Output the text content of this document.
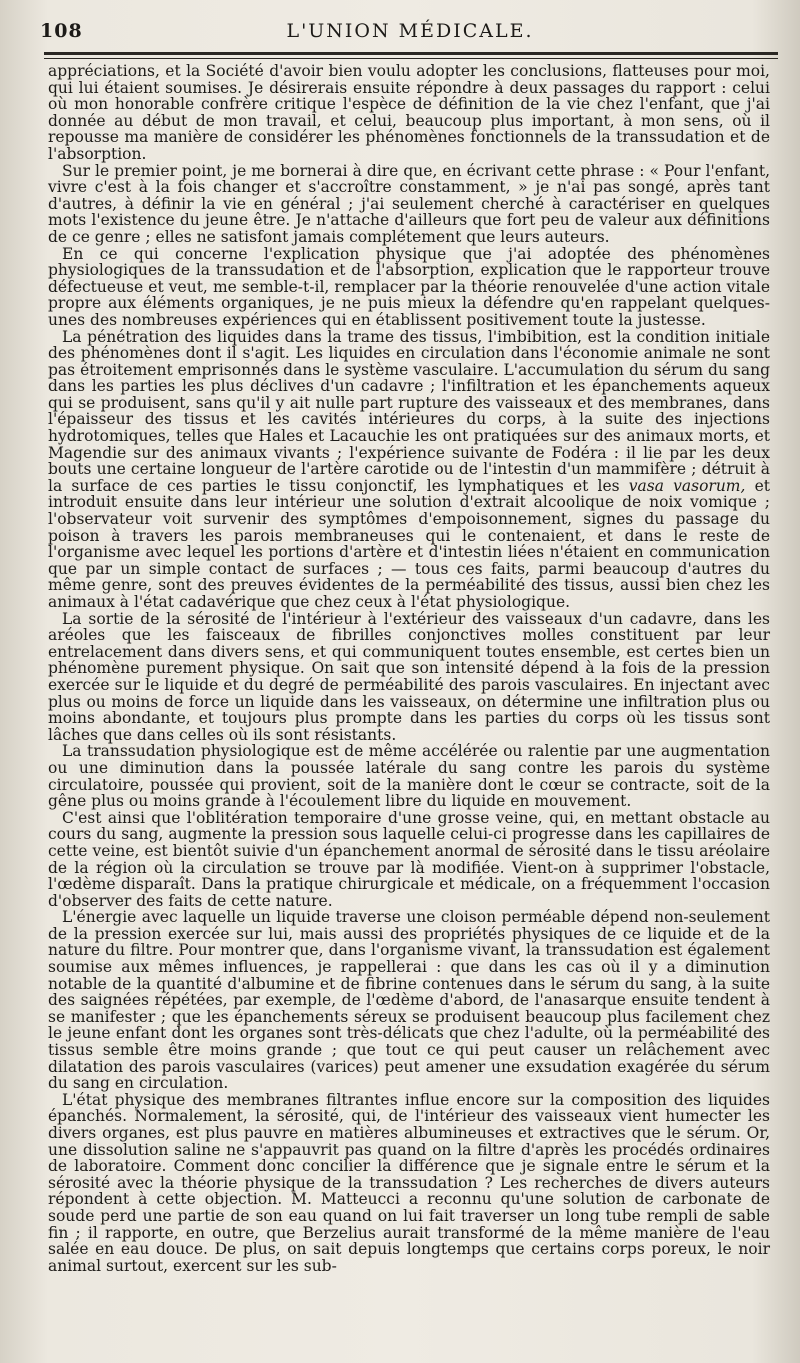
108	L'UNION MÉDICALE.

appréciations, et la Société d'avoir bien voulu adopter les conclusions, flatteuses pour moi, qui lui étaient soumises. Je désirerais ensuite répondre à deux passages du rapport : celui où mon honorable confrère critique l'espèce de définition de la vie chez l'enfant, que j'ai donnée au début de mon travail, et celui, beaucoup plus important, à mon sens, où il repousse ma manière de considérer les phénomènes fonctionnels de la transsudation et de l'absorption.

Sur le premier point, je me bornerai à dire que, en écrivant cette phrase : « Pour l'enfant, vivre c'est à la fois changer et s'accroître constamment, » je n'ai pas songé, après tant d'autres, à définir la vie en général ; j'ai seulement cherché à caractériser en quelques mots l'existence du jeune être. Je n'attache d'ailleurs que fort peu de valeur aux définitions de ce genre ; elles ne satisfont jamais complétement que leurs auteurs.

En ce qui concerne l'explication physique que j'ai adoptée des phénomènes physiologiques de la transsudation et de l'absorption, explication que le rapporteur trouve défectueuse et veut, me semble-t-il, remplacer par la théorie renouvelée d'une action vitale propre aux éléments organiques, je ne puis mieux la défendre qu'en rappelant quelques-unes des nombreuses expériences qui en établissent positivement toute la justesse.

La pénétration des liquides dans la trame des tissus, l'imbibition, est la condition initiale des phénomènes dont il s'agit. Les liquides en circulation dans l'économie animale ne sont pas étroitement emprisonnés dans le système vasculaire. L'accumulation du sérum du sang dans les parties les plus déclives d'un cadavre ; l'infiltration et les épanchements aqueux qui se produisent, sans qu'il y ait nulle part rupture des vaisseaux et des membranes, dans l'épaisseur des tissus et les cavités intérieures du corps, à la suite des injections hydrotomiques, telles que Hales et Lacauchie les ont pratiquées sur des animaux morts, et Magendie sur des animaux vivants ; l'expérience suivante de Fodéra : il lie par les deux bouts une certaine longueur de l'artère carotide ou de l'intestin d'un mammifère ; détruit à la surface de ces parties le tissu conjonctif, les lymphatiques et les vasa vasorum, et introduit ensuite dans leur intérieur une solution d'extrait alcoolique de noix vomique ; l'observateur voit survenir des symptômes d'empoisonnement, signes du passage du poison à travers les parois membraneuses qui le contenaient, et dans le reste de l'organisme avec lequel les portions d'artère et d'intestin liées n'étaient en communication que par un simple contact de surfaces ; — tous ces faits, parmi beaucoup d'autres du même genre, sont des preuves évidentes de la perméabilité des tissus, aussi bien chez les animaux à l'état cadavérique que chez ceux à l'état physiologique.

La sortie de la sérosité de l'intérieur à l'extérieur des vaisseaux d'un cadavre, dans les aréoles que les faisceaux de fibrilles conjonctives molles constituent par leur entrelacement dans divers sens, et qui communiquent toutes ensemble, est certes bien un phénomène purement physique. On sait que son intensité dépend à la fois de la pression exercée sur le liquide et du degré de perméabilité des parois vasculaires. En injectant avec plus ou moins de force un liquide dans les vaisseaux, on détermine une infiltration plus ou moins abondante, et toujours plus prompte dans les parties du corps où les tissus sont lâches que dans celles où ils sont résistants.

La transsudation physiologique est de même accélérée ou ralentie par une augmentation ou une diminution dans la poussée latérale du sang contre les parois du système circulatoire, poussée qui provient, soit de la manière dont le cœur se contracte, soit de la gêne plus ou moins grande à l'écoulement libre du liquide en mouvement.

C'est ainsi que l'oblitération temporaire d'une grosse veine, qui, en mettant obstacle au cours du sang, augmente la pression sous laquelle celui-ci progresse dans les capillaires de cette veine, est bientôt suivie d'un épanchement anormal de sérosité dans le tissu aréolaire de la région où la circulation se trouve par là modifiée. Vient-on à supprimer l'obstacle, l'œdème disparaît. Dans la pratique chirurgicale et médicale, on a fréquemment l'occasion d'observer des faits de cette nature.

L'énergie avec laquelle un liquide traverse une cloison perméable dépend non-seulement de la pression exercée sur lui, mais aussi des propriétés physiques de ce liquide et de la nature du filtre. Pour montrer que, dans l'organisme vivant, la transsudation est également soumise aux mêmes influences, je rappellerai : que dans les cas où il y a diminution notable de la quantité d'albumine et de fibrine contenues dans le sérum du sang, à la suite des saignées répétées, par exemple, de l'œdème d'abord, de l'anasarque ensuite tendent à se manifester ; que les épanchements séreux se produisent beaucoup plus facilement chez le jeune enfant dont les organes sont très-délicats que chez l'adulte, où la perméabilité des tissus semble être moins grande ; que tout ce qui peut causer un relâchement avec dilatation des parois vasculaires (varices) peut amener une exsudation exagérée du sérum du sang en circulation.

L'état physique des membranes filtrantes influe encore sur la composition des liquides épanchés. Normalement, la sérosité, qui, de l'intérieur des vaisseaux vient humecter les divers organes, est plus pauvre en matières albumineuses et extractives que le sérum. Or, une dissolution saline ne s'appauvrit pas quand on la filtre d'après les procédés ordinaires de laboratoire. Comment donc concilier la différence que je signale entre le sérum et la sérosité avec la théorie physique de la transsudation ? Les recherches de divers auteurs répondent à cette objection. M. Matteucci a reconnu qu'une solution de carbonate de soude perd une partie de son eau quand on lui fait traverser un long tube rempli de sable fin ; il rapporte, en outre, que Berzelius aurait transformé de la même manière de l'eau salée en eau douce. De plus, on sait depuis longtemps que certains corps poreux, le noir animal surtout, exercent sur les sub-
